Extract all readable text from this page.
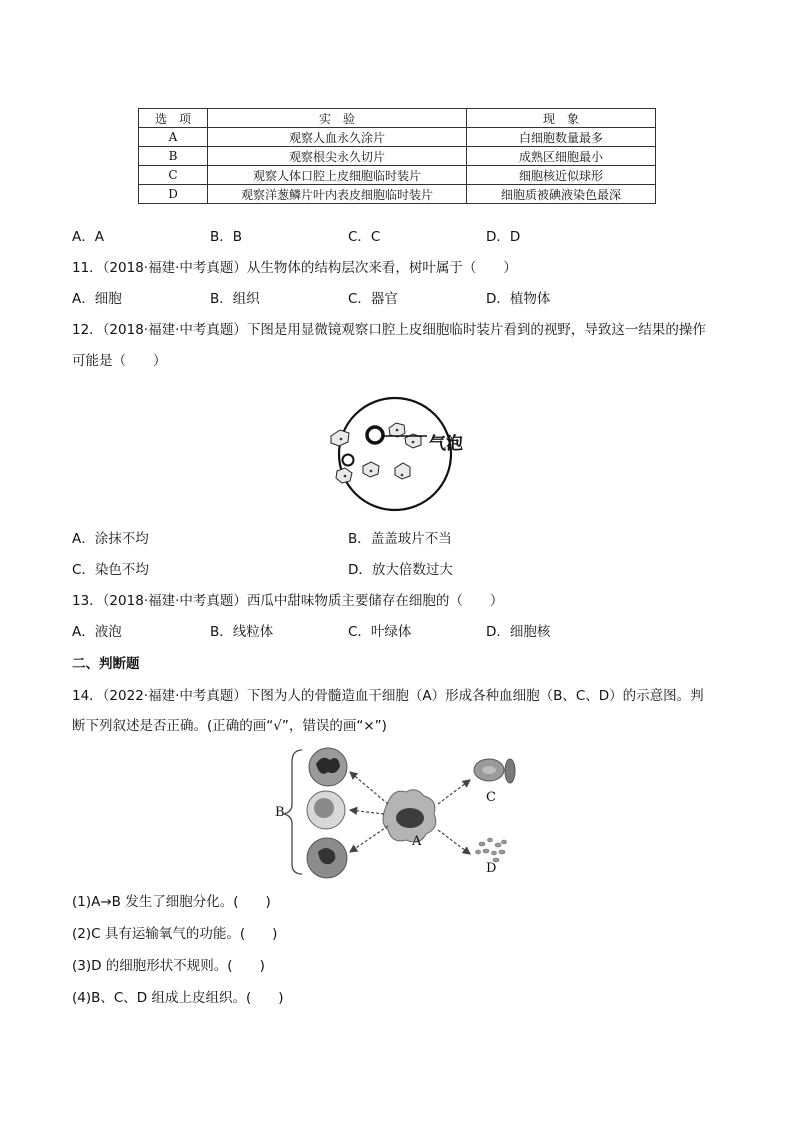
选　项	实　验	现　象
A	观察人血永久涂片	白细胞数量最多
B	观察根尖永久切片	成熟区细胞最小
C	观察人体口腔上皮细胞临时装片	细胞核近似球形
D	观察洋葱鳞片叶内表皮细胞临时装片	细胞质被碘液染色最深
A．A	B．B	C．C	D．D
11．（2018·福建·中考真题）从生物体的结构层次来看，树叶属于（　　）
A．细胞	B．组织	C．器官	D．植物体
12．（2018·福建·中考真题）下图是用显微镜观察口腔上皮细胞临时装片看到的视野，导致这一结果的操作
可能是（　　）
气泡
A．涂抹不均	B．盖盖玻片不当
C．染色不均	D．放大倍数过大
13．（2018·福建·中考真题）西瓜中甜味物质主要储存在细胞的（　　）
A．液泡	B．线粒体	C．叶绿体	D．细胞核
二、判断题
14．（2022·福建·中考真题）下图为人的骨髓造血干细胞（A）形成各种血细胞（B、C、D）的示意图。判
断下列叙述是否正确。(正确的画“√”，错误的画“×”)
B
A
C
D
(1)A→B 发生了细胞分化。(　　)
(2)C 具有运输氧气的功能。(　　)
(3)D 的细胞形状不规则。(　　)
(4)B、C、D 组成上皮组织。(　　)
